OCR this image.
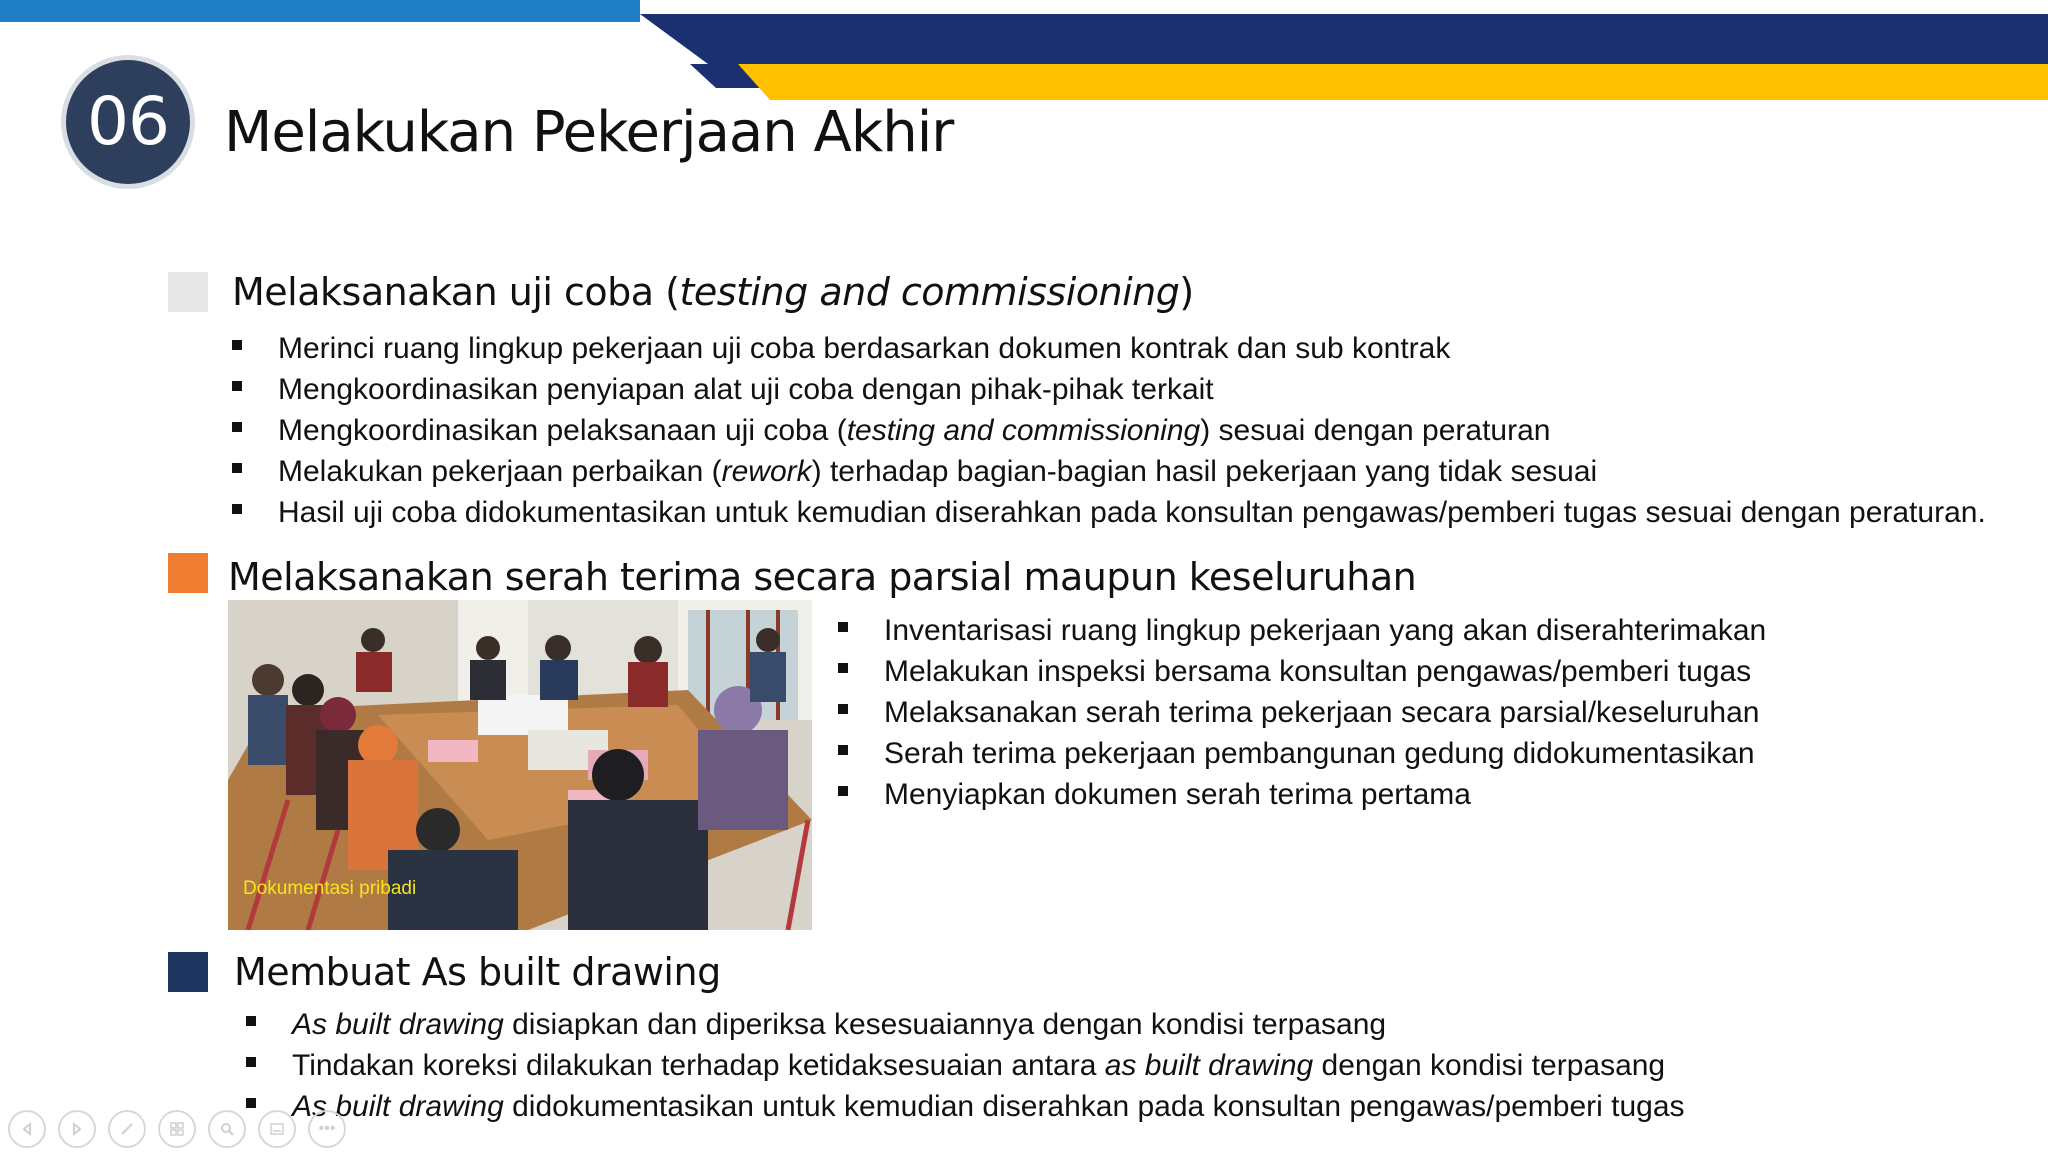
06 Melakukan Pekerjaan Akhir
Melaksanakan uji coba (testing and commissioning)
Merinci ruang lingkup pekerjaan uji coba berdasarkan dokumen kontrak dan sub kontrak
Mengkoordinasikan penyiapan alat uji coba dengan pihak-pihak terkait
Mengkoordinasikan pelaksanaan uji coba (testing and commissioning) sesuai dengan peraturan
Melakukan pekerjaan perbaikan (rework) terhadap bagian-bagian hasil pekerjaan yang tidak sesuai
Hasil uji coba didokumentasikan untuk kemudian diserahkan pada konsultan pengawas/pemberi tugas sesuai dengan peraturan.
Melaksanakan serah terima secara parsial maupun keseluruhan
Dokumentasi pribadi
Inventarisasi ruang lingkup pekerjaan yang akan diserahterimakan
Melakukan inspeksi bersama konsultan pengawas/pemberi tugas
Melaksanakan serah terima pekerjaan secara parsial/keseluruhan
Serah terima pekerjaan pembangunan gedung didokumentasikan
Menyiapkan dokumen serah terima pertama
Membuat As built drawing
As built drawing disiapkan dan diperiksa kesesuaiannya dengan kondisi terpasang
Tindakan koreksi dilakukan terhadap ketidaksesuaian antara as built drawing dengan kondisi terpasang
As built drawing didokumentasikan untuk kemudian diserahkan pada konsultan pengawas/pemberi tugas
•••
